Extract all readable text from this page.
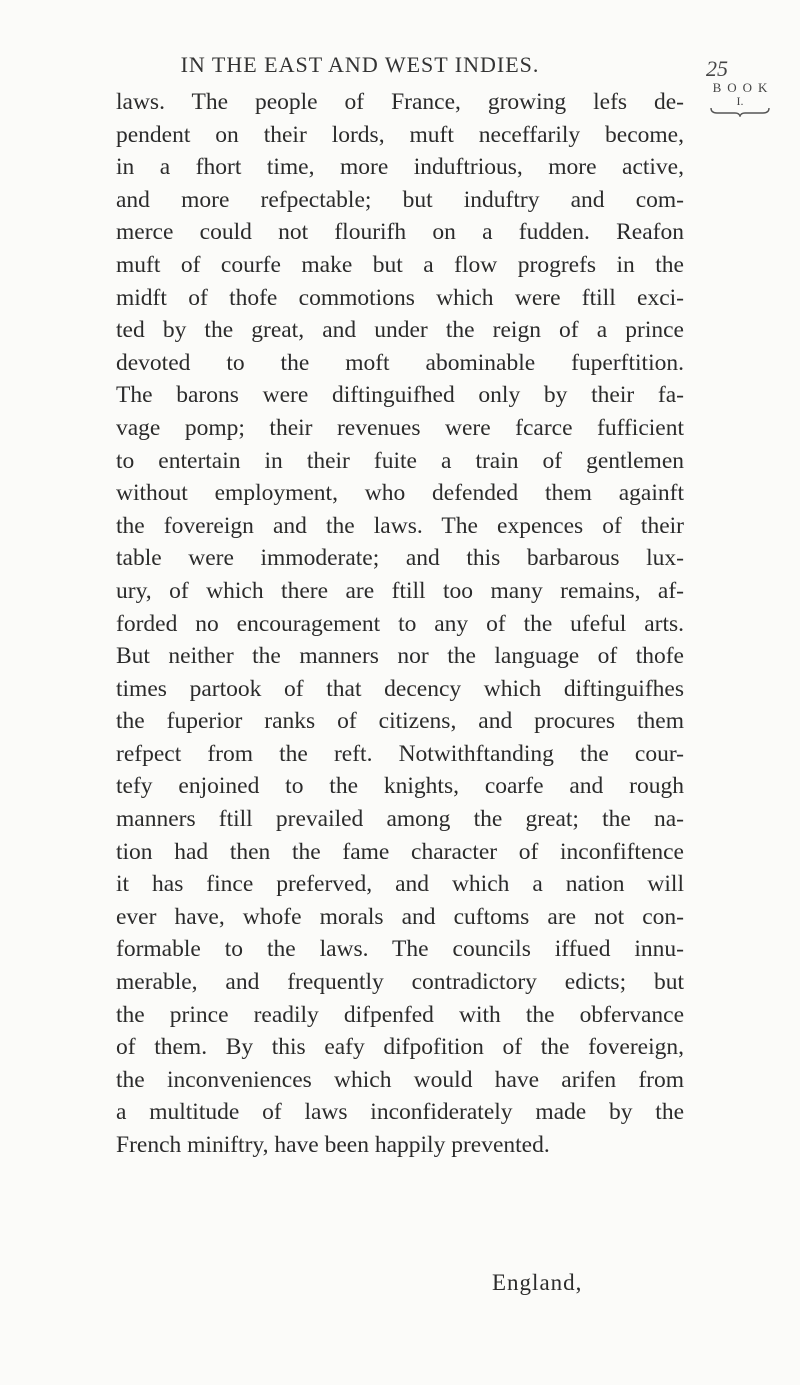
IN THE EAST AND WEST INDIES.	25
BOOK
I.
laws. The people of France, growing lefs de-
pendent on their lords, muft neceffarily become,
in a fhort time, more induftrious, more active,
and more refpectable; but induftry and com-
merce could not flourifh on a fudden. Reafon
muft of courfe make but a flow progrefs in the
midft of thofe commotions which were ftill exci-
ted by the great, and under the reign of a prince
devoted to the moft abominable fuperftition.
The barons were diftinguifhed only by their fa-
vage pomp; their revenues were fcarce fufficient
to entertain in their fuite a train of gentlemen
without employment, who defended them againft
the fovereign and the laws. The expences of their
table were immoderate; and this barbarous lux-
ury, of which there are ftill too many remains, af-
forded no encouragement to any of the ufeful arts.
But neither the manners nor the language of thofe
times partook of that decency which diftinguifhes
the fuperior ranks of citizens, and procures them
refpect from the reft. Notwithftanding the cour-
tefy enjoined to the knights, coarfe and rough
manners ftill prevailed among the great; the na-
tion had then the fame character of inconfiftence
it has fince preferved, and which a nation will
ever have, whofe morals and cuftoms are not con-
formable to the laws. The councils iffued innu-
merable, and frequently contradictory edicts; but
the prince readily difpenfed with the obfervance
of them. By this eafy difpofition of the fovereign,
the inconveniences which would have arifen from
a multitude of laws inconfiderately made by the
French miniftry, have been happily prevented.
England,
